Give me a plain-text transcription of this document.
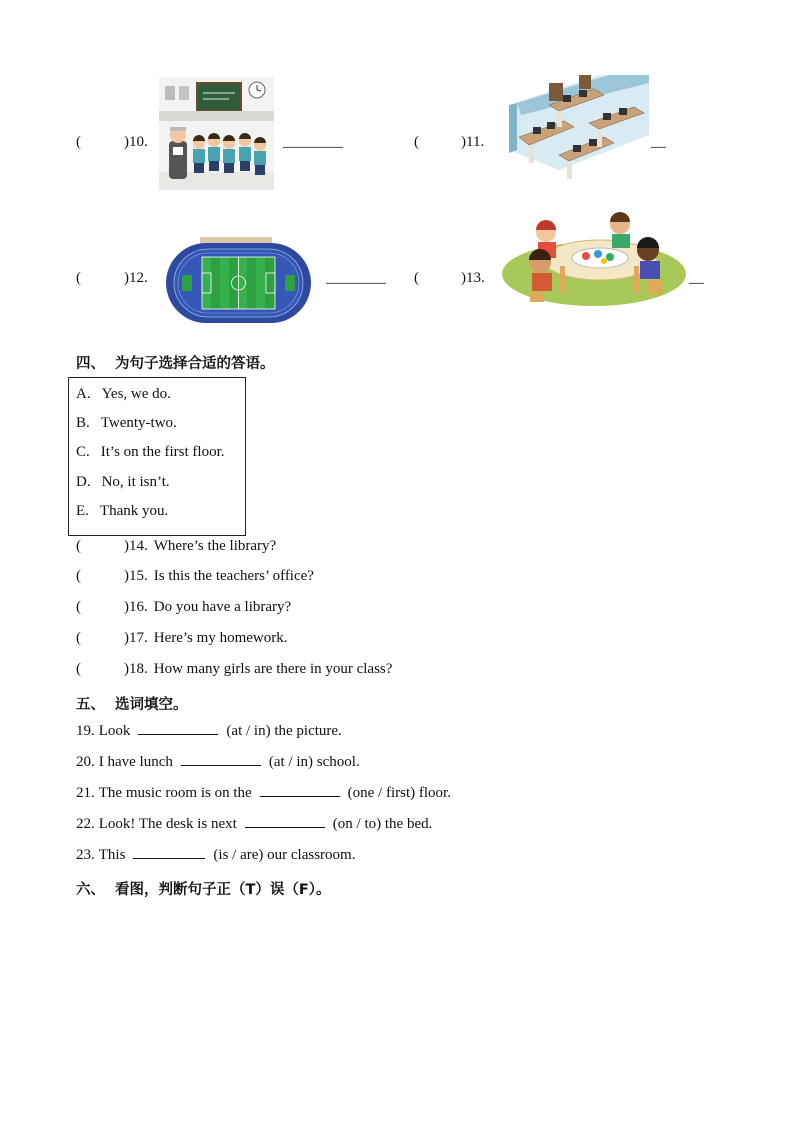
(	)10.	________	(	)11.	__
(	)12.	________ (	)13.	__
四、 为句子选择合适的答语。
A. Yes, we do.
B. Twenty-two.
C. It’s on the first floor.
D. No, it isn’t.
E. Thank you.
(	)14. Where’s the library?
(	)15. Is this the teachers’ office?
(	)16. Do you have a library?
(	)17. Here’s my homework.
(	)18. How many girls are there in your class?
五、 选词填空。
19. Look	(at / in) the picture.
20. I have lunch	(at / in) school.
21. The music room is on the	(one / first) floor.
22. Look! The desk is next	(on / to) the bed.
23. This	(is / are) our classroom.
六、 看图，判断句子正（T）误（F）。
